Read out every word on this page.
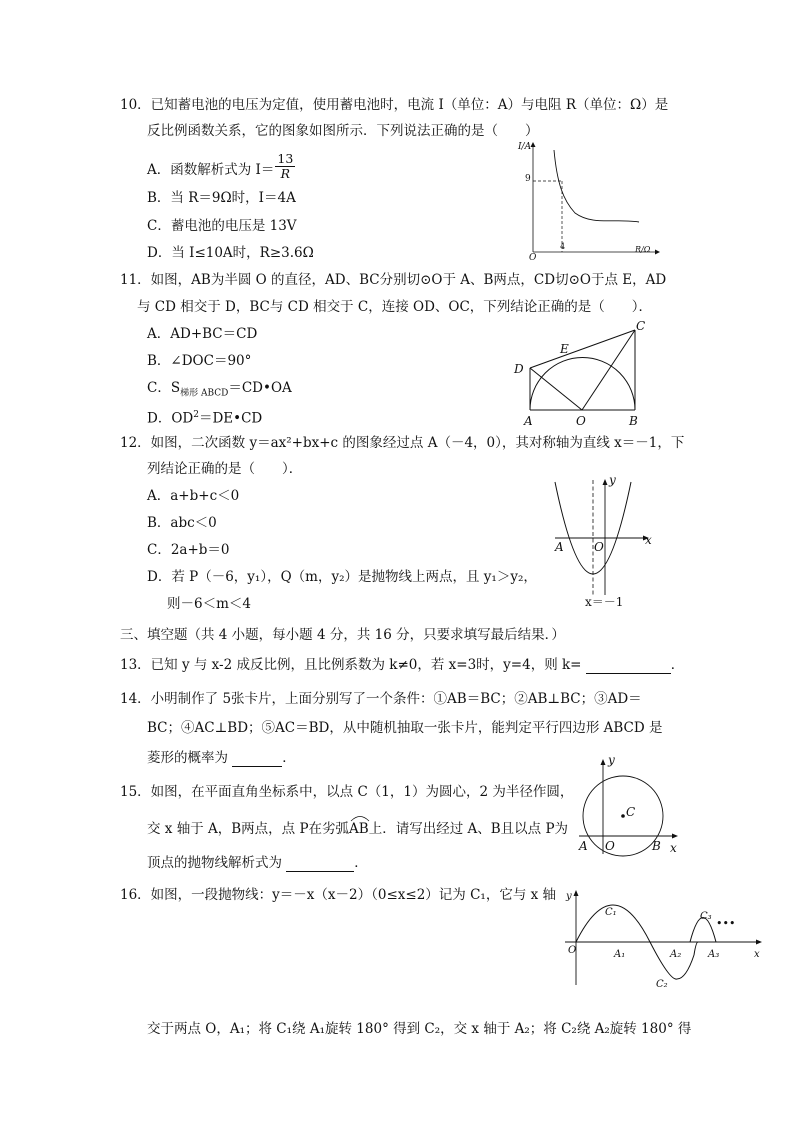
10．已知蓄电池的电压为定值，使用蓄电池时，电流 I（单位：A）与电阻 R（单位：Ω）是
反比例函数关系，它的图象如图所示．下列说法正确的是（　　）
A．函数解析式为 $I= \frac{13}{R}$
B．当 R＝9Ω时，I＝4A
C．蓄电池的电压是 13V
D．当 I≤10A时，R≥3.6Ω
I/A
9
4
O
R/Ω
11．如图，AB为半圆 O 的直径，AD、BC分别切⊙O于 A、B两点，CD切⊙O于点 E，AD
与 CD 相交于 D，BC与 CD 相交于 C，连接 OD、OC，下列结论正确的是（　　）．
A．AD+BC＝CD
B．∠DOC＝90°
C．$S_{梯形 ABCD}=CD•OA$
D．$OD^2=DE•CD$
C
E
D
A	O	B
12．如图，二次函数 y＝ax²+bx+c 的图象经过点 A（－4，0），其对称轴为直线 x＝－1，下
列结论正确的是（　　）．
A．a+b+c＜0
B．abc＜0
C．2a+b＝0
D．若 P（－6，y₁），Q（m，y₂）是抛物线上两点，且 y₁＞y₂，
则－6＜m＜4
y
x
A	O
x＝－1
三、填空题（共 4 小题，每小题 4 分，共 16 分，只要求填写最后结果．）
13．已知 y 与 x-2 成反比例，且比例系数为 k≠0，若 x=3时，y=4，则 k=	．
14．小明制作了 5张卡片，上面分别写了一个条件：①AB＝BC；②AB⊥BC；③AD＝
BC；④AC⊥BD；⑤AC＝BD，从中随机抽取一张卡片，能判定平行四边形 ABCD 是
菱形的概率为	．
15．如图，在平面直角坐标系中，以点 C（1，1）为圆心，2 为半径作圆，
交 x 轴于 A，B两点，点 P在劣弧
AB上．请写出经过 A、B且以点 P为
顶点的抛物线解析式为	．
y
x
A O	B
C
16．如图，一段抛物线：y＝－x（x－2）（0≤x≤2）记为 C₁，它与 x 轴
交于两点 O，A₁；将 C₁绕 A₁旋转 180° 得到 C₂，交 x 轴于 A₂；将 C₂绕 A₂旋转 180° 得
y
x
O
C₁
C₂
C₃
A₁	A₂	A₃
•••
